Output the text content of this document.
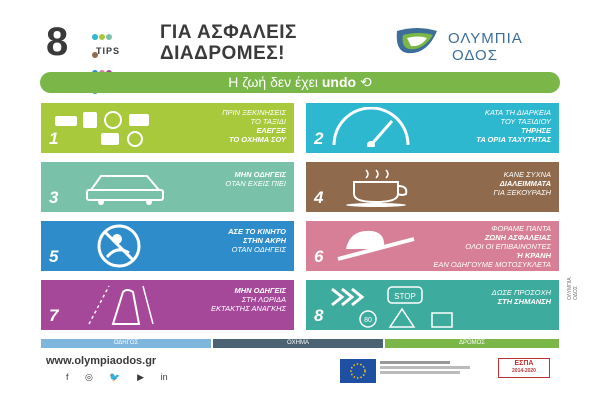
8	TIPS
ΓΙΑ ΑΣΦΑΛΕΙΣ
ΔΙΑΔΡΟΜΕΣ!
ΟΛΥΜΠΙΑ
ΟΔΟΣ
Η ζωή δεν έχει undo ⟲
1
ΠΡΙΝ ΞΕΚΙΝΗΣΕΙΣ
ΤΟ ΤΑΞΙΔΙ
ΕΛΕΓΞΕ
ΤΟ ΟΧΗΜΑ ΣΟΥ 2
ΚΑΤΑ ΤΗ ΔΙΑΡΚΕΙΑ
ΤΟΥ ΤΑΞΙΔΙΟΥ
ΤΗΡΗΣΕ
ΤΑ ΟΡΙΑ ΤΑΧΥΤΗΤΑΣ
3
ΜΗΝ ΟΔΗΓΕΙΣ
ΟΤΑΝ ΕΧΕΙΣ ΠΙΕΙ
4
ΚΑΝΕ ΣΥΧΝΑ
ΔΙΑΛΕΙΜΜΑΤΑ
ΓΙΑ ΞΕΚΟΥΡΑΣΗ
5
ΑΣΕ ΤΟ ΚΙΝΗΤΟ
ΣΤΗΝ ΑΚΡΗ
ΟΤΑΝ ΟΔΗΓΕΙΣ 6
ΦΟΡΑΜΕ ΠΑΝΤΑ
ΖΩΝΗ ΑΣΦΑΛΕΙΑΣ
ΟΛΟΙ ΟΙ ΕΠΙΒΑΙΝΟΝΤΕΣ
Ή ΚΡΑΝΗ
ΕΑΝ ΟΔΗΓΟΥΜΕ ΜΟΤΟΣΥΚΛΕΤΑ
7
ΜΗΝ ΟΔΗΓΕΙΣ
ΣΤΗ ΛΩΡΙΔΑ
ΕΚΤΑΚΤΗΣ ΑΝΑΓΚΗΣ
STOP
80
8
ΔΩΣΕ ΠΡΟΣΟΧΗ
ΣΤΗ ΣΗΜΑΝΣΗ
ΟΔΗΓΟΣ	ΟΧΗΜΑ	ΔΡΟΜΟΣ
www.olympiaodos.gr
f ◎ 🐦 ▶ in
ΕΣΠΑ
2014-2020
ΟΛΥΜΠΙΑ ΟΔΟΣ
